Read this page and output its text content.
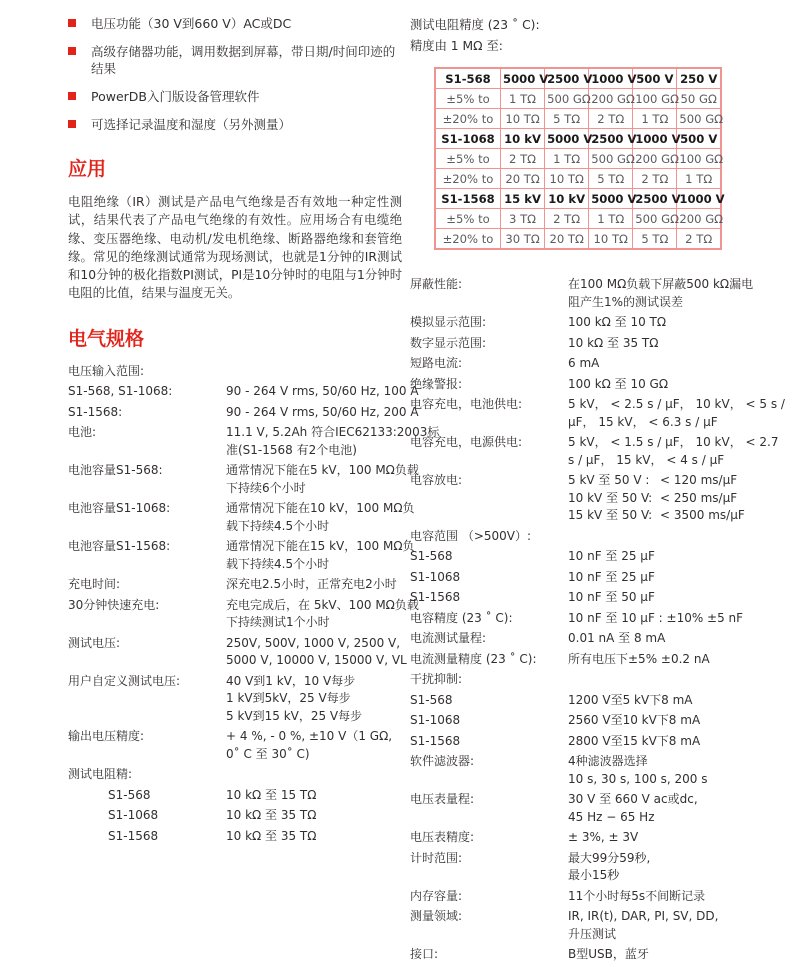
电压功能（30 V到660 V）AC或DC
高级存储器功能，调用数据到屏幕，带日期/时间印迹的结果
PowerDB入门版设备管理软件
可选择记录温度和湿度（另外测量）
应用

电阻绝缘（IR）测试是产品电气绝缘是否有效地一种定性测试，结果代表了产品电气绝缘的有效性。应用场合有电缆绝缘、变压器绝缘、电动机/发电机绝缘、断路器绝缘和套管绝缘。常见的绝缘测试通常为现场测试，也就是1分钟的IR测试和10分钟的极化指数PI测试，PI是10分钟时的电阻与1分钟时电阻的比值，结果与温度无关。

电气规格
电压输入范围:
S1-568, S1-1068:	90 - 264 V rms, 50/60 Hz, 100 A
S1-1568:	90 - 264 V rms, 50/60 Hz, 200 A
电池:	11.1 V, 5.2Ah 符合IEC62133:2003标
准(S1-1568 有2个电池)
电池容量S1-568:	通常情况下能在5 kV，100 MΩ负载
下持续6个小时
电池容量S1-1068:	通常情况下能在10 kV，100 MΩ负
载下持续4.5个小时
电池容量S1-1568:	通常情况下能在15 kV，100 MΩ负
载下持续4.5个小时
充电时间:	深充电2.5小时，正常充电2小时
30分钟快速充电:	充电完成后，在 5kV、100 MΩ负载
下持续测试1个小时
测试电压:	250V, 500V, 1000 V, 2500 V,
5000 V, 10000 V, 15000 V, VL
用户自定义测试电压:	40 V到1 kV，10 V每步
1 kV到5kV，25 V每步
5 kV到15 kV，25 V每步
输出电压精度:	+ 4 %, - 0 %, ±10 V（1 GΩ,
0˚ C 至 30˚ C)
测试电阻精:
S1-568	10 kΩ 至 15 TΩ
S1-1068	10 kΩ 至 35 TΩ
S1-1568	10 kΩ 至 35 TΩ
测试电阻精度 (23 ˚ C):
精度由 1 MΩ 至:
S1-568	5000 V	2500 V	1000 V	500 V	250 V
±5% to	1 TΩ	500 GΩ	200 GΩ	100 GΩ	50 GΩ
±20% to	10 TΩ	5 TΩ	2 TΩ	1 TΩ	500 GΩ
S1-1068	10 kV	5000 V	2500 V	1000 V	500 V
±5% to	2 TΩ	1 TΩ	500 GΩ	200 GΩ	100 GΩ
±20% to	20 TΩ	10 TΩ	5 TΩ	2 TΩ	1 TΩ
S1-1568	15 kV	10 kV	5000 V	2500 V	1000 V
±5% to	3 TΩ	2 TΩ	1 TΩ	500 GΩ	200 GΩ
±20% to	30 TΩ	20 TΩ	10 TΩ	5 TΩ	2 TΩ
屏蔽性能:	在100 MΩ负载下屏蔽500 kΩ漏电
阻产生1%的测试误差
模拟显示范围:	100 kΩ 至 10 TΩ
数字显示范围:	10 kΩ 至 35 TΩ
短路电流:	6 mA
绝缘警报:	100 kΩ 至 10 GΩ
电容充电，电池供电:	5 kV， < 2.5 s / μF， 10 kV， < 5 s /
μF， 15 kV， < 6.3 s / μF
电容充电，电源供电:	5 kV， < 1.5 s / μF， 10 kV， < 2.7
s / μF， 15 kV， < 4 s / μF
电容放电:	5 kV 至 50 V : < 120 ms/μF
10 kV 至 50 V: < 250 ms/μF
15 kV 至 50 V: < 3500 ms/μF
电容范围 （>500V）:
S1-568	10 nF 至 25 μF
S1-1068	10 nF 至 25 μF
S1-1568	10 nF 至 50 μF
电容精度 (23 ˚ C):	10 nF 至 10 μF : ±10% ±5 nF
电流测试量程:	0.01 nA 至 8 mA
电流测量精度 (23 ˚ C):	所有电压下±5% ±0.2 nA
干扰抑制:
S1-568	1200 V至5 kV下8 mA
S1-1068	2560 V至10 kV下8 mA
S1-1568	2800 V至15 kV下8 mA
软件滤波器:	4种滤波器选择
10 s, 30 s, 100 s, 200 s
电压表量程:	30 V 至 660 V ac或dc,
45 Hz − 65 Hz
电压表精度:	± 3%, ± 3V
计时范围:	最大99分59秒,
最小15秒
内存容量:	11个小时每5s不间断记录
测量领域:	IR, IR(t), DAR, PI, SV, DD,
升压测试
接口:	B型USB，蓝牙
